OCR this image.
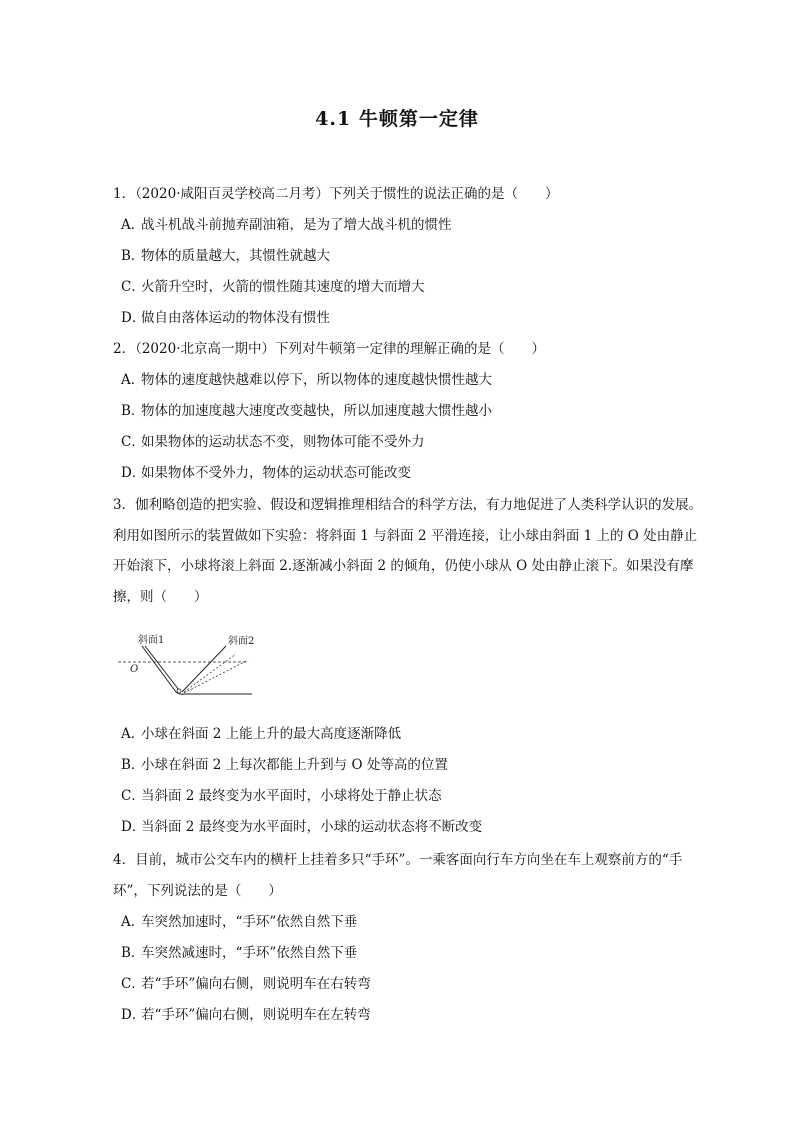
4.1 牛顿第一定律

1．（2020·咸阳百灵学校高二月考）下列关于惯性的说法正确的是（　　）

A．战斗机战斗前抛弃副油箱，是为了增大战斗机的惯性
B．物体的质量越大，其惯性就越大
C．火箭升空时，火箭的惯性随其速度的增大而增大
D．做自由落体运动的物体没有惯性

2．（2020·北京高一期中）下列对牛顿第一定律的理解正确的是（　　）

A．物体的速度越快越难以停下，所以物体的速度越快惯性越大
B．物体的加速度越大速度改变越快，所以加速度越大惯性越小
C．如果物体的运动状态不变，则物体可能不受外力
D．如果物体不受外力，物体的运动状态可能改变

3．伽利略创造的把实验、假设和逻辑推理相结合的科学方法，有力地促进了人类科学认识的发展。利用如图所示的装置做如下实验：将斜面 1 与斜面 2 平滑连接，让小球由斜面 1 上的 O 处由静止开始滚下，小球将滚上斜面 2.逐渐减小斜面 2 的倾角，仍使小球从 O 处由静止滚下。如果没有摩擦，则（　　）

斜面1	斜面2
O
A．小球在斜面 2 上能上升的最大高度逐渐降低
B．小球在斜面 2 上每次都能上升到与 O 处等高的位置
C．当斜面 2 最终变为水平面时，小球将处于静止状态
D．当斜面 2 最终变为水平面时，小球的运动状态将不断改变

4．目前，城市公交车内的横杆上挂着多只“手环”。一乘客面向行车方向坐在车上观察前方的“手环”，下列说法的是（　　）

A．车突然加速时，“手环”依然自然下垂
B．车突然减速时，“手环”依然自然下垂
C．若“手环”偏向右侧，则说明车在右转弯
D．若“手环”偏向右侧，则说明车在左转弯
